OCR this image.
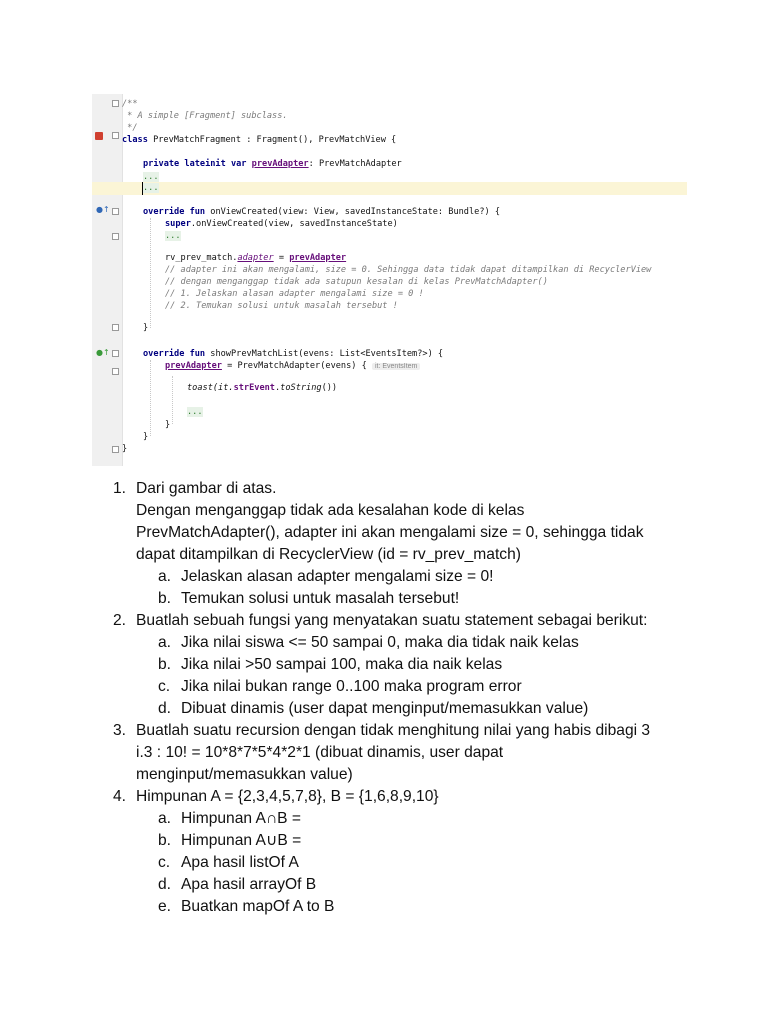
●↑
●↑

/**

* A simple [Fragment] subclass.

*/

class PrevMatchFragment : Fragment(), PrevMatchView {

private lateinit var prevAdapter: PrevMatchAdapter

...

...

override fun onViewCreated(view: View, savedInstanceState: Bundle?) {

super.onViewCreated(view, savedInstanceState)

...

rv_prev_match.adapter = prevAdapter

// adapter ini akan mengalami, size = 0. Sehingga data tidak dapat ditampilkan di RecyclerView

// dengan menganggap tidak ada satupun kesalan di kelas PrevMatchAdapter()

// 1. Jelaskan alasan adapter mengalami size = 0 !

// 2. Temukan solusi untuk masalah tersebut !

}

override fun showPrevMatchList(evens: List<EventsItem?>) {

prevAdapter = PrevMatchAdapter(evens) { it: EventsItem

toast(it.strEvent.toString())

...

}

}

}

1. Dari gambar di atas.
Dengan menganggap tidak ada kesalahan kode di kelas
PrevMatchAdapter(), adapter ini akan mengalami size = 0, sehingga tidak
dapat ditampilkan di RecyclerView (id = rv_prev_match)
a. Jelaskan alasan adapter mengalami size = 0!
b. Temukan solusi untuk masalah tersebut!
2. Buatlah sebuah fungsi yang menyatakan suatu statement sebagai berikut:
a. Jika nilai siswa <= 50 sampai 0, maka dia tidak naik kelas
b. Jika nilai >50 sampai 100, maka dia naik kelas
c. Jika nilai bukan range 0..100 maka program error
d. Dibuat dinamis (user dapat menginput/memasukkan value)
3. Buatlah suatu recursion dengan tidak menghitung nilai yang habis dibagi 3
i.3 : 10! = 10*8*7*5*4*2*1 (dibuat dinamis, user dapat
menginput/memasukkan value)
4. Himpunan A = {2,3,4,5,7,8}, B = {1,6,8,9,10}
a. Himpunan A∩B =
b. Himpunan A∪B =
c. Apa hasil listOf A
d. Apa hasil arrayOf B
e. Buatkan mapOf A to B
